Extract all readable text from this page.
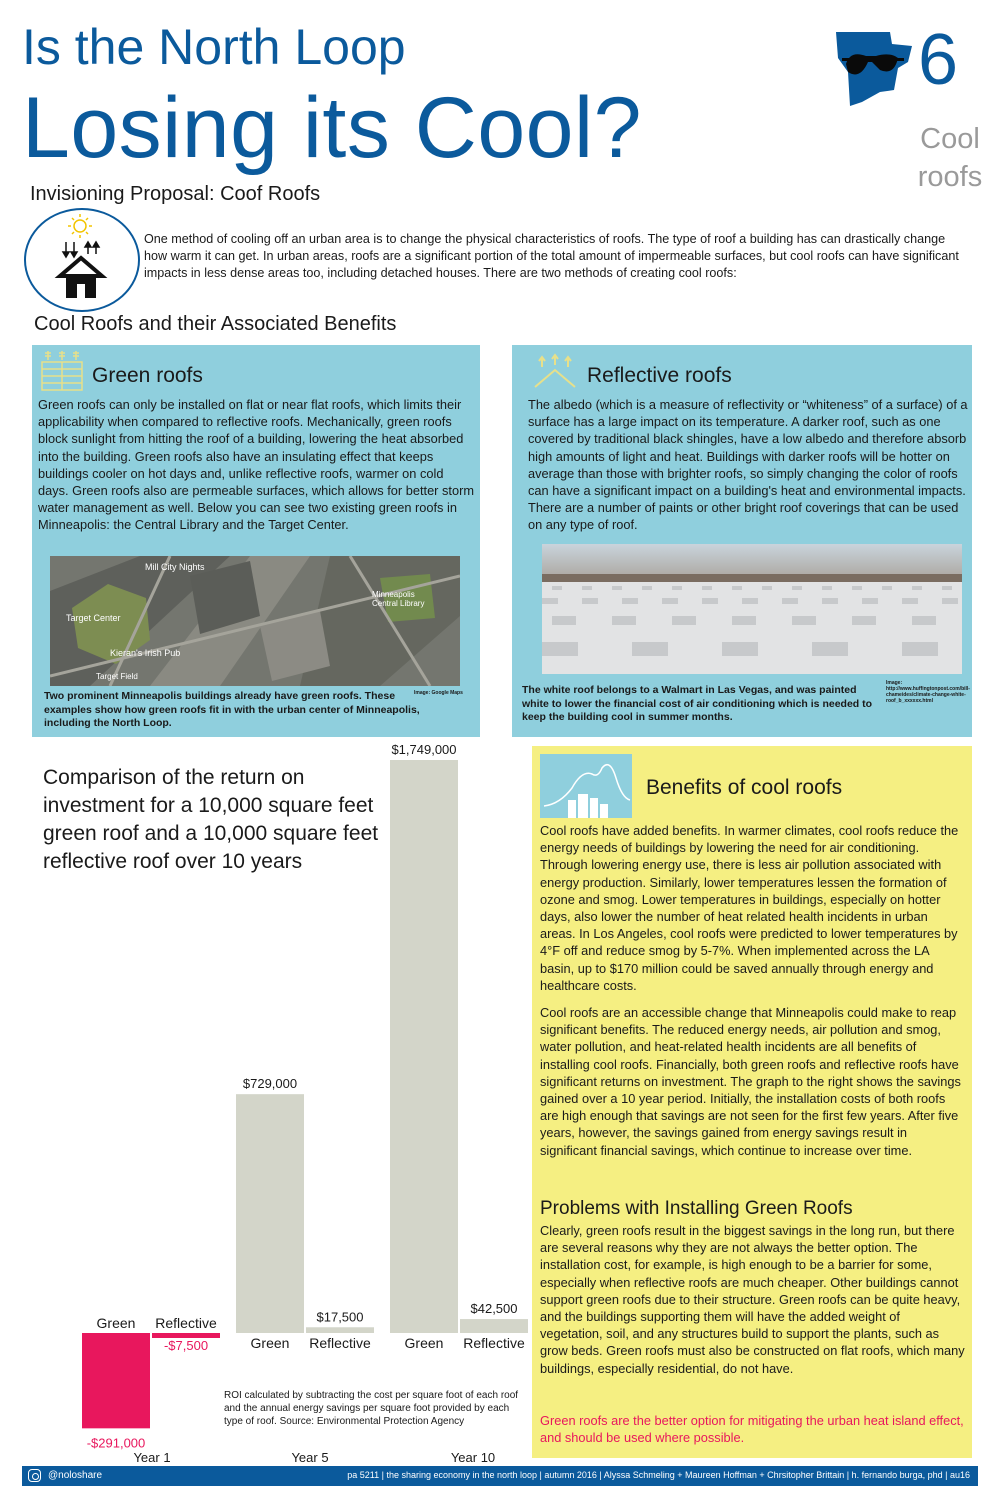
Is the North Loop
Losing its Cool?
6
Cool roofs
Invisioning Proposal: Coof Roofs
One method of cooling off an urban area is to change the physical characteristics of roofs. The type of roof a building has can drastically change how warm it can get. In urban areas, roofs are a significant portion of the total amount of impermeable surfaces, but cool roofs can have significant impacts in less dense areas too, including detached houses. There are two methods of creating cool roofs:
Cool Roofs and their Associated Benefits
Green roofs
Green roofs can only be installed on flat or near flat roofs, which limits their applicability when compared to reflective roofs. Mechanically, green roofs block sunlight from hitting the roof of a building, lowering the heat absorbed into the building. Green roofs also have an insulating effect that keeps buildings cooler on hot days and, unlike reflective roofs, warmer on cold days. Green roofs also are permeable surfaces, which allows for better storm water management as well. Below you can see two existing green roofs in Minneapolis: the Central Library and the Target Center.
Mill City Nights
Target Center
Minneapolis Central Library
Kieran's Irish Pub
Target Field
Two prominent Minneapolis buildings already have green roofs. These examples show how green roofs fit in with the urban center of Minneapolis, including the North Loop.
Image: Google Maps
Reflective roofs
The albedo (which is a measure of reflectivity or “whiteness” of a surface) of a surface has a large impact on its temperature. A darker roof, such as one covered by traditional black shingles, have a low albedo and therefore absorb high amounts of light and heat. Buildings with darker roofs will be hotter on average than those with brighter roofs, so simply changing the color of roofs can have a significant impact on a building's heat and environmental impacts. There are a number of paints or other bright roof coverings that can be used on any type of roof.
The white roof belongs to a Walmart in Las Vegas, and was painted white to lower the financial cost of air conditioning which is needed to keep the building cool in summer months.
Image: http://www.huffingtonpost.com/bill-chameides/climate-change-white-roof_b_xxxxxx.html
Comparison of the return on investment for a 10,000 square feet green roof and a 10,000 square feet reflective roof over 10 years
-$291,000
Green
-$7,500
Reflective
Year 1
$729,000
Green
$17,500
Reflective
Year 5
$1,749,000
Green
$42,500
Reflective
Year 10
ROI calculated by subtracting the cost per square foot of each roof and the annual energy savings per square foot provided by each type of roof. Source: Environmental Protection Agency
Benefits of cool roofs
Cool roofs have added benefits. In warmer climates, cool roofs reduce the energy needs of buildings by lowering the need for air conditioning. Through lowering energy use, there is less air pollution associated with energy production. Similarly, lower temperatures lessen the formation of ozone and smog. Lower temperatures in buildings, especially on hotter days, also lower the number of heat related health incidents in urban areas. In Los Angeles, cool roofs were predicted to lower temperatures by 4°F off and reduce smog by 5-7%. When implemented across the LA basin, up to $170 million could be saved annually through energy and healthcare costs.
Cool roofs are an accessible change that Minneapolis could make to reap significant benefits. The reduced energy needs, air pollution and smog, water pollution, and heat-related health incidents are all benefits of installing cool roofs. Financially, both green roofs and reflective roofs have significant returns on investment. The graph to the right shows the savings gained over a 10 year period. Initially, the installation costs of both roofs are high enough that savings are not seen for the first few years. After five years, however, the savings gained from energy savings result in significant financial savings, which continue to increase over time.
Problems with Installing Green Roofs
Clearly, green roofs result in the biggest savings in the long run, but there are several reasons why they are not always the better option. The installation cost, for example, is high enough to be a barrier for some, especially when reflective roofs are much cheaper. Other buildings cannot support green roofs due to their structure. Green roofs can be quite heavy, and the buildings supporting them will have the added weight of vegetation, soil, and any structures build to support the plants, such as grow beds. Green roofs must also be constructed on flat roofs, which many buildings, especially residential, do not have.
Green roofs are the better option for mitigating the urban heat island effect, and should be used where possible.
@noloshare	pa 5211 | the sharing economy in the north loop | autumn 2016 | Alyssa Schmeling + Maureen Hoffman + Chrsitopher Brittain | h. fernando burga, phd | au16
